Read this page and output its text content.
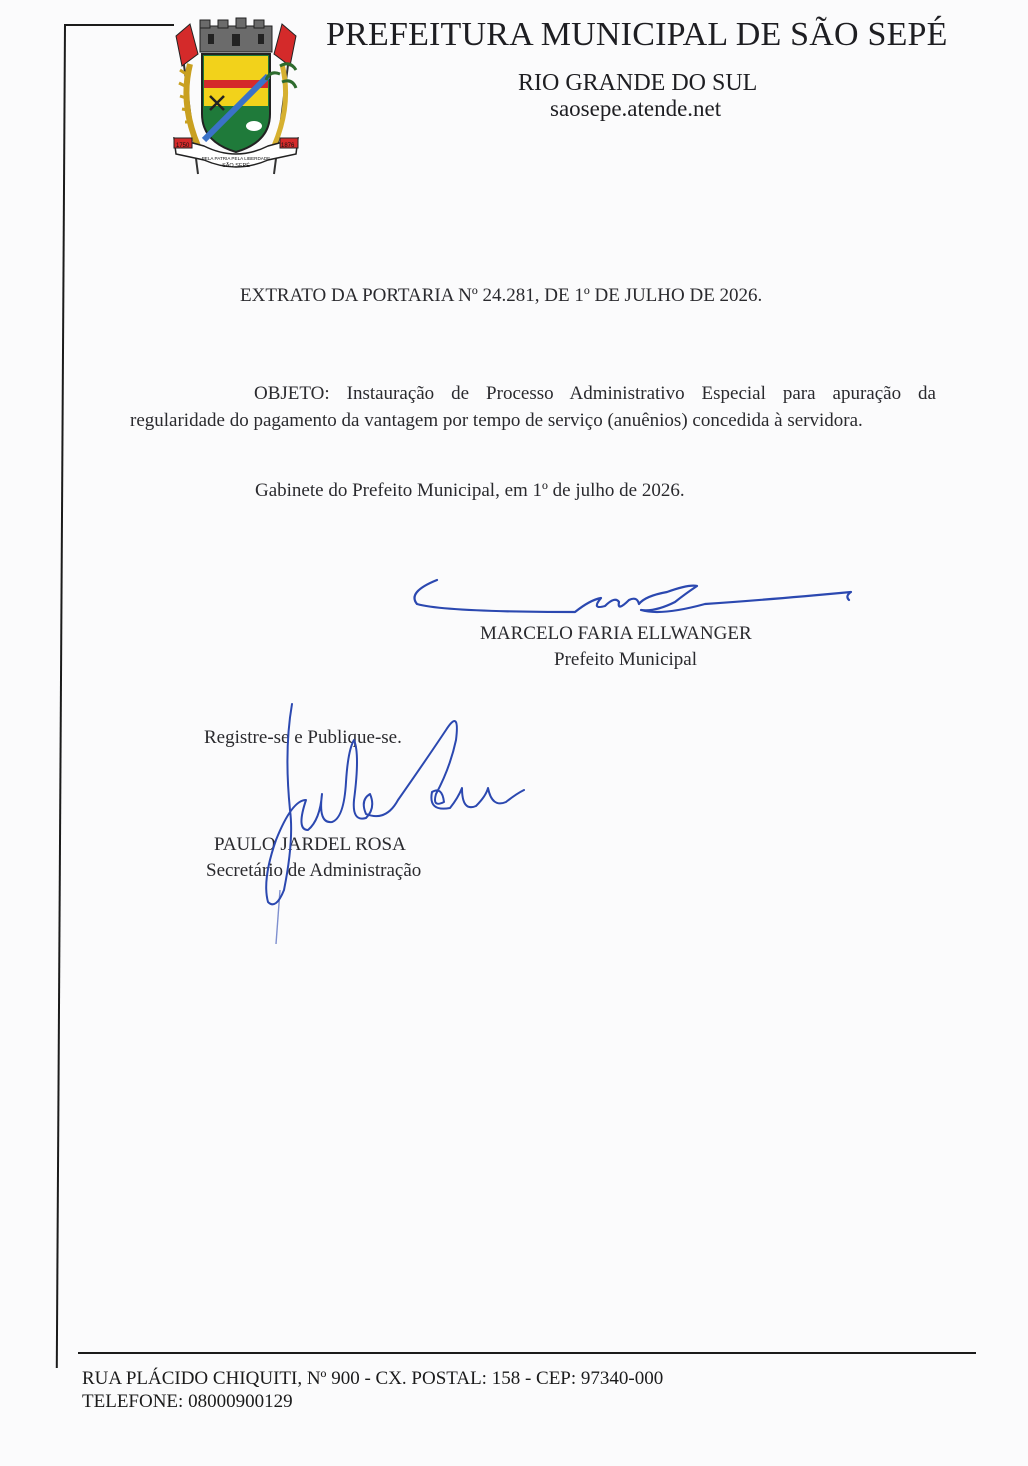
1750	1876
PELA PATRIA PELA LIBERDADE
SÃO SEPÉ
PREFEITURA MUNICIPAL DE SÃO SEPÉ
RIO GRANDE DO SUL
saosepe.atende.net
EXTRATO DA PORTARIA Nº 24.281, DE 1º DE JULHO DE 2026.
OBJETO: Instauração de Processo Administrativo Especial para apuração da regularidade do pagamento da vantagem por tempo de serviço (anuênios) concedida à servidora.
Gabinete do Prefeito Municipal, em 1º de julho de 2026.
MARCELO FARIA ELLWANGER
Prefeito Municipal
Registre-se e Publique-se.
PAULO JARDEL ROSA
Secretário de Administração
RUA PLÁCIDO CHIQUITI, Nº 900 - CX. POSTAL: 158 - CEP: 97340-000
TELEFONE: 08000900129
